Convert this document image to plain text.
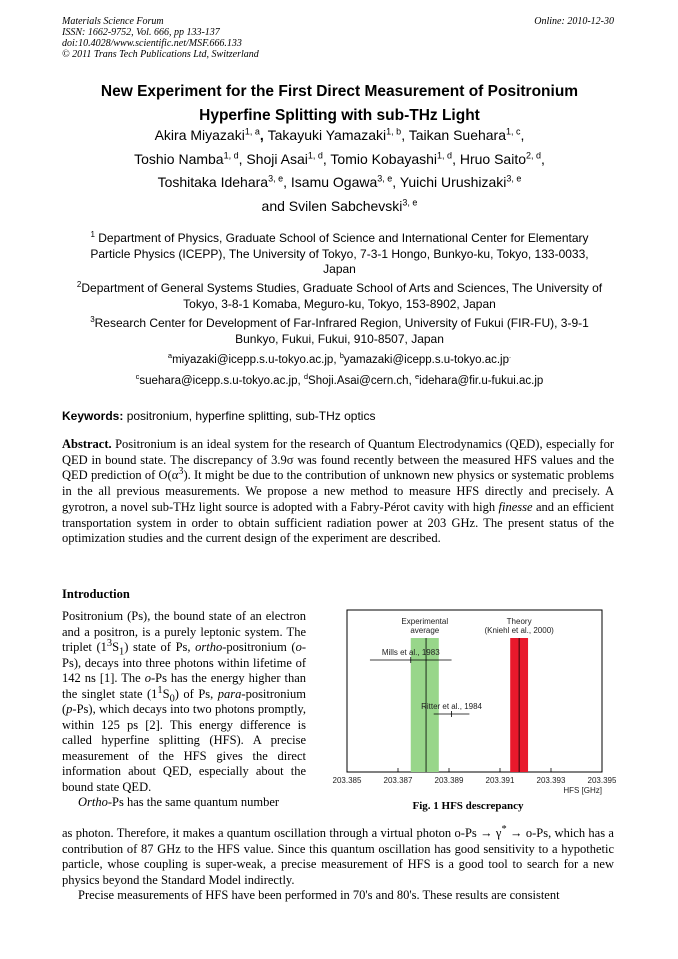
Materials Science Forum
ISSN: 1662-9752, Vol. 666, pp 133-137
doi:10.4028/www.scientific.net/MSF.666.133
© 2011 Trans Tech Publications Ltd, Switzerland
Online: 2010-12-30
New Experiment for the First Direct Measurement of Positronium
Hyperfine Splitting with sub-THz Light
Akira Miyazaki$^{1, a}$, Takayuki Yamazaki$^{1, b}$, Taikan Suehara$^{1, c}$,
Toshio Namba$^{1, d}$, Shoji Asai$^{1, d}$, Tomio Kobayashi$^{1, d}$, Hruo Saito$^{2, d}$,
Toshitaka Idehara$^{3, e}$, Isamu Ogawa$^{3, e}$, Yuichi Urushizaki$^{3, e}$
and Svilen Sabchevski$^{3, e}$
$^1$ Department of Physics, Graduate School of Science and International Center for Elementary
Particle Physics (ICEPP), The University of Tokyo, 7-3-1 Hongo, Bunkyo-ku, Tokyo, 133-0033,
Japan
$^2$Department of General Systems Studies, Graduate School of Arts and Sciences, The University of
Tokyo, 3-8-1 Komaba, Meguro-ku, Tokyo, 153-8902, Japan
$^3$Research Center for Development of Far-Infrared Region, University of Fukui (FIR-FU), 3-9-1
Bunkyo, Fukui, Fukui, 910-8507, Japan
$^a$miyazaki@icepp.s.u-tokyo.ac.jp, $^b$yamazaki@icepp.s.u-tokyo.ac.jp.
$^c$suehara@icepp.s.u-tokyo.ac.jp, $^d$Shoji.Asai@cern.ch, $^e$idehara@fir.u-fukui.ac.jp
Keywords: positronium, hyperfine splitting, sub-THz optics
Abstract. Positronium is an ideal system for the research of Quantum Electrodynamics (QED), especially for QED in bound state. The discrepancy of 3.9σ was found recently between the measured HFS values and the QED prediction of $O(\alpha^3)$. It might be due to the contribution of unknown new physics or systematic problems in the all previous measurements. We propose a new method to measure HFS directly and precisely. A gyrotron, a novel sub-THz light source is adopted with a Fabry-Pérot cavity with high finesse and an efficient transportation system in order to obtain sufficient radiation power at 203 GHz. The present status of the optimization studies and the current design of the experiment are described.
Introduction

Positronium (Ps), the bound state of an electron and a positron, is a purely leptonic system. The triplet $(1^3S_1)$ state of Ps, ortho-positronium (o-Ps), decays into three photons within lifetime of 142 ns [1]. The o-Ps has the energy higher than the singlet state $(1^1S_0)$ of Ps, para-positronium (p-Ps), which decays into two photons promptly, within 125 ps [2]. This energy difference is called hyperfine splitting (HFS). A precise measurement of the HFS gives the direct information about QED, especially about the bound state QED.

Ortho-Ps has the same quantum number

as photon. Therefore, it makes a quantum oscillation through a virtual photon o-Ps → γ* → o-Ps, which has a contribution of 87 GHz to the HFS value. Since this quantum oscillation has good sensitivity to a hypothetic particle, whose coupling is super-weak, a precise measurement of HFS is a good tool to search for a new physics beyond the Standard Model indirectly.

Precise measurements of HFS have been performed in 70's and 80's. These results are consistent

Mills et al., 1983
Ritter et al., 1984
203.385	203.387	203.389	203.391	203.393	203.395
HFS [GHz]
Experimental
average
Theory
(Kniehl et al., 2000)
Fig. 1 HFS descrepancy
